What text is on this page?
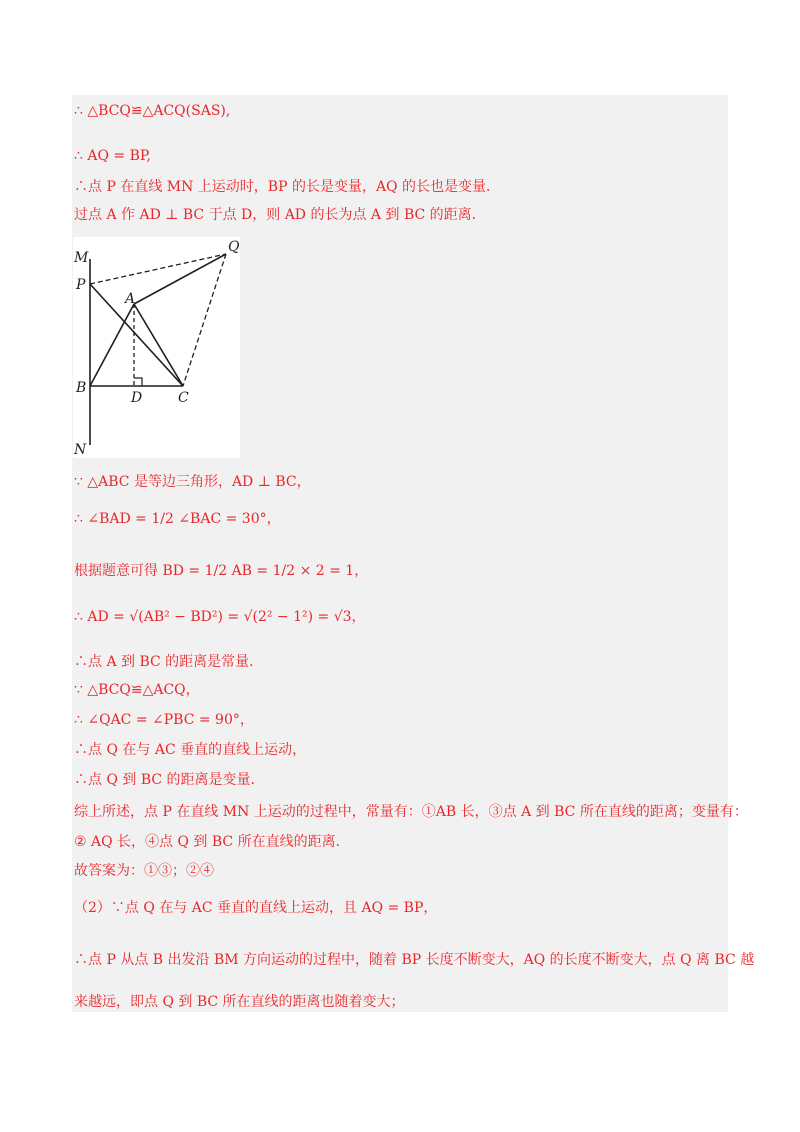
∴ △BCQ≌△ACQ(SAS),
∴ AQ = BP,
∴点 P 在直线 MN 上运动时，BP 的长是变量，AQ 的长也是变量．
过点 A 作 AD ⊥ BC 于点 D，则 AD 的长为点 A 到 BC 的距离．
M
P
Q
A
B
D	C
N
∵ △ABC 是等边三角形，AD ⊥ BC，
∴ ∠BAD = 1/2 ∠BAC = 30°，
根据题意可得 BD = 1/2 AB = 1/2 × 2 = 1，
∴ AD = √(AB² − BD²) = √(2² − 1²) = √3，
∴点 A 到 BC 的距离是常量．
∵ △BCQ≌△ACQ，
∴ ∠QAC = ∠PBC = 90°，
∴点 Q 在与 AC 垂直的直线上运动，
∴点 Q 到 BC 的距离是变量．
综上所述，点 P 在直线 MN 上运动的过程中，常量有：①AB 长，③点 A 到 BC 所在直线的距离；变量有：
② AQ 长，④点 Q 到 BC 所在直线的距离．
故答案为：①③；②④
（2）∵点 Q 在与 AC 垂直的直线上运动，且 AQ = BP，
∴点 P 从点 B 出发沿 BM 方向运动的过程中，随着 BP 长度不断变大，AQ 的长度不断变大，点 Q 离 BC 越
来越远，即点 Q 到 BC 所在直线的距离也随着变大；
